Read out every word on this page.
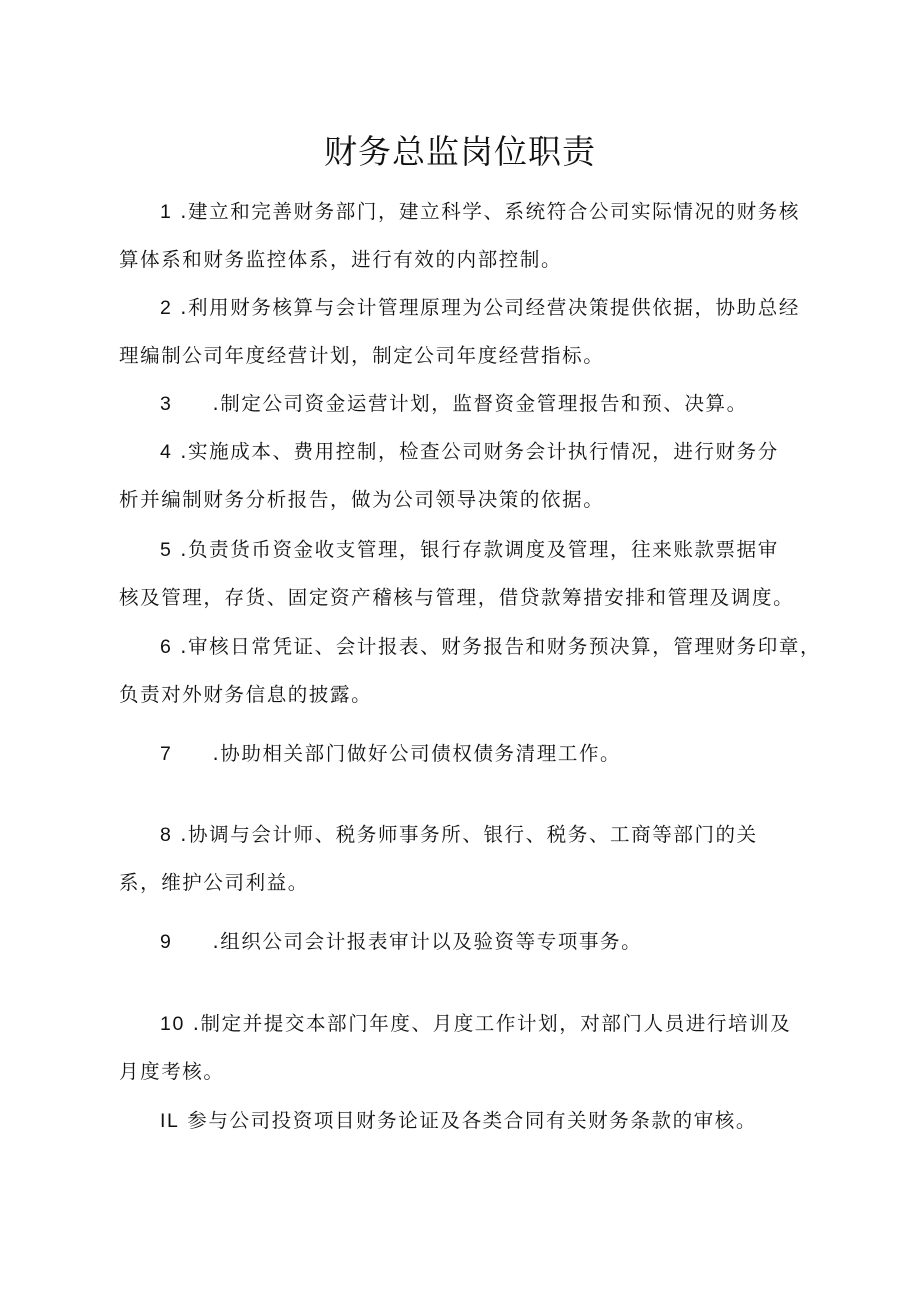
财务总监岗位职责

1 .建立和完善财务部门，建立科学、系统符合公司实际情况的财务核
算体系和财务监控体系，进行有效的内部控制。

2 .利用财务核算与会计管理原理为公司经营决策提供依据，协助总经
理编制公司年度经营计划，制定公司年度经营指标。

3 .制定公司资金运营计划，监督资金管理报告和预、决算。

4 .实施成本、费用控制，检查公司财务会计执行情况，进行财务分
析并编制财务分析报告，做为公司领导决策的依据。

5 .负责货币资金收支管理，银行存款调度及管理，往来账款票据审
核及管理，存货、固定资产稽核与管理，借贷款筹措安排和管理及调度。

6 .审核日常凭证、会计报表、财务报告和财务预决算，管理财务印章，
负责对外财务信息的披露。

7 .协助相关部门做好公司债权债务清理工作。

8 .协调与会计师、税务师事务所、银行、税务、工商等部门的关
系，维护公司利益。

9 .组织公司会计报表审计以及验资等专项事务。

10 .制定并提交本部门年度、月度工作计划，对部门人员进行培训及
月度考核。

IL 参与公司投资项目财务论证及各类合同有关财务条款的审核。
